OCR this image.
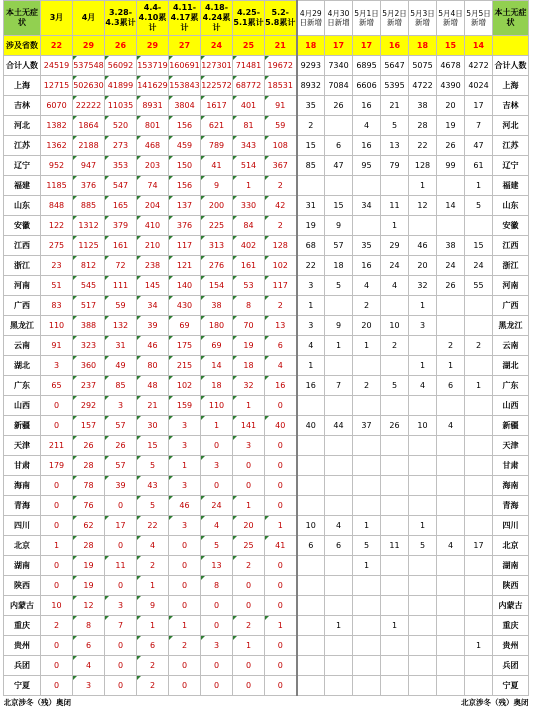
本土无症状	3月	4月	3.28-4.3累计	4.4-4.10累计	4.11-4.17累计	4.18-4.24累计	4.25-5.1累计	5.2-5.8累计	4月29日新增	4月30日新增	5月1日新增	5月2日新增	5月3日新增	5月4日新增	5月5日新增	本土无症状
涉及省数	22	29	26	29	27	24	25	21	18	17	17	16	18	15	14	
合计人数	24519	537548	56092	153719	160691	127301	71481	19672	9293	7340	6895	5647	5075	4678	4272	合计人数
上海	12715	502630	41899	141629	153843	122572	68772	18531	8932	7084	6606	5395	4722	4390	4024	上海
吉林	6070	22222	11035	8931	3804	1617	401	91	35	26	16	21	38	20	17	吉林
河北	1382	1864	520	801	156	621	81	59	2		4	5	28	19	7	河北
江苏	1362	2188	273	468	459	789	343	108	15	6	16	13	22	26	47	江苏
辽宁	952	947	353	203	150	41	514	367	85	47	95	79	128	99	61	辽宁
福建	1185	376	547	74	156	9	1	2					1		1	福建
山东	848	885	165	204	137	200	330	42	31	15	34	11	12	14	5	山东
安徽	122	1312	379	410	376	225	84	2	19	9		1				安徽
江西	275	1125	161	210	117	313	402	128	68	57	35	29	46	38	15	江西
浙江	23	812	72	238	121	276	161	102	22	18	16	24	20	24	24	浙江
河南	51	545	111	145	140	154	53	117	3	5	4	4	32	26	55	河南
广西	83	517	59	34	430	38	8	2	1		2		1			广西
黑龙江	110	388	132	39	69	180	70	13	3	9	20	10	3			黑龙江
云南	91	323	31	46	175	69	19	6	4	1	1	2		2	2	云南
湖北	3	360	49	80	215	14	18	4	1				1	1		湖北
广东	65	237	85	48	102	18	32	16	16	7	2	5	4	6	1	广东
山西	0	292	3	21	159	110	1	0								山西
新疆	0	157	57	30	3	1	141	40	40	44	37	26	10	4		新疆
天津	211	26	26	15	3	0	3	0								天津
甘肃	179	28	57	5	1	3	0	0								甘肃
海南	0	78	39	43	3	0	0	0								海南
青海	0	76	0	5	46	24	1	0								青海
四川	0	62	17	22	3	4	20	1	10	4	1		1			四川
北京	1	28	0	4	0	5	25	41	6	6	5	11	5	4	17	北京
湖南	0	19	11	2	0	13	2	0			1					湖南
陕西	0	19	0	1	0	8	0	0								陕西
内蒙古	10	12	3	9	0	0	0	0								内蒙古
重庆	2	8	7	1	1	0	2	1		1		1				重庆
贵州	0	6	0	6	2	3	1	0							1	贵州
兵团	0	4	0	2	0	0	0	0								兵团
宁夏	0	3	0	2	0	0	0	0								宁夏
北京涉冬（残）奥闭													北京涉冬（残）奥闭			
